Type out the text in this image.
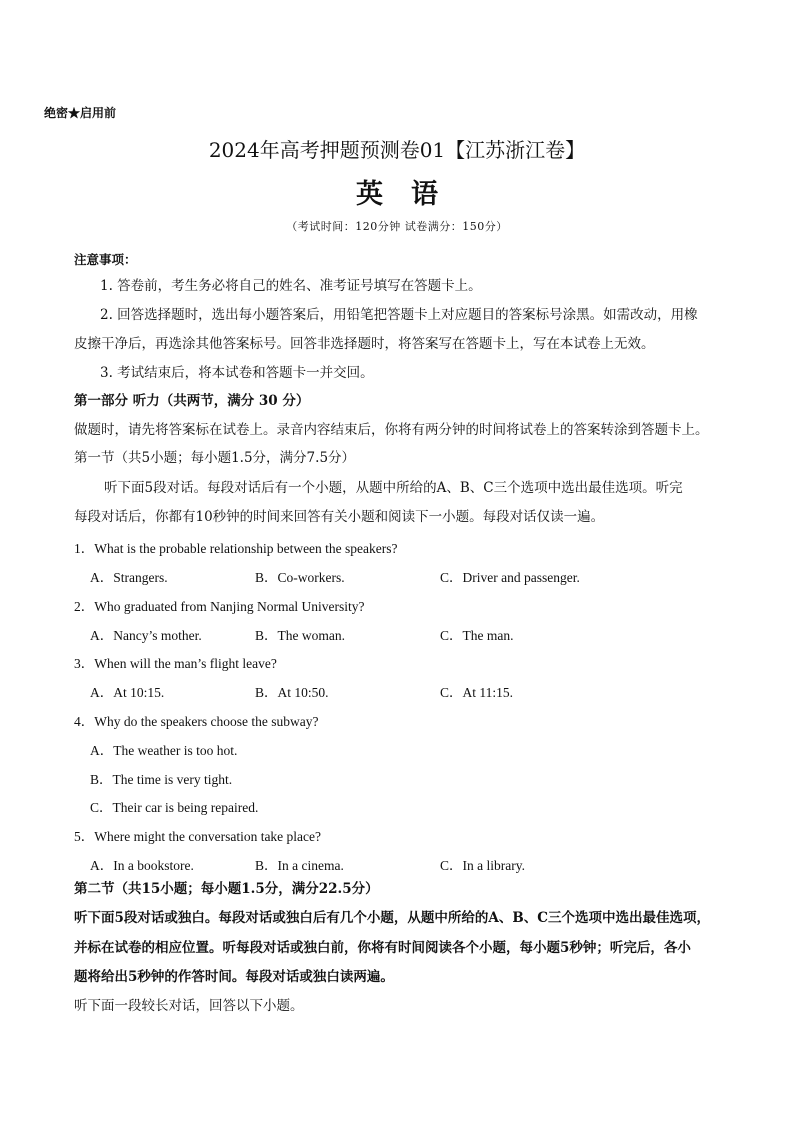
绝密★启用前
2024年高考押题预测卷01【江苏浙江卷】
英语
（考试时间：120分钟 试卷满分：150分）
注意事项：
1. 答卷前，考生务必将自己的姓名、准考证号填写在答题卡上。
2. 回答选择题时，选出每小题答案后，用铅笔把答题卡上对应题目的答案标号涂黑。如需改动，用橡
皮擦干净后，再选涂其他答案标号。回答非选择题时，将答案写在答题卡上，写在本试卷上无效。
3. 考试结束后，将本试卷和答题卡一并交回。
第一部分 听力（共两节，满分 30 分）
做题时，请先将答案标在试卷上。录音内容结束后，你将有两分钟的时间将试卷上的答案转涂到答题卡上。
第一节（共5小题；每小题1.5分，满分7.5分）
听下面5段对话。每段对话后有一个小题，从题中所给的A、B、C三个选项中选出最佳选项。听完
每段对话后，你都有10秒钟的时间来回答有关小题和阅读下一小题。每段对话仅读一遍。
1．What is the probable relationship between the speakers?
A．Strangers.	B．Co-workers.	C．Driver and passenger.
2．Who graduated from Nanjing Normal University?
A．Nancy’s mother.	B．The woman.	C．The man.
3．When will the man’s flight leave?
A．At 10:15.	B．At 10:50.	C．At 11:15.
4．Why do the speakers choose the subway?
A．The weather is too hot.
B．The time is very tight.
C．Their car is being repaired.
5．Where might the conversation take place?
A．In a bookstore.	B．In a cinema.	C．In a library.
第二节（共15小题；每小题1.5分，满分22.5分）
听下面5段对话或独白。每段对话或独白后有几个小题，从题中所给的A、B、C三个选项中选出最佳选项，
并标在试卷的相应位置。听每段对话或独白前，你将有时间阅读各个小题，每小题5秒钟；听完后，各小
题将给出5秒钟的作答时间。每段对话或独白读两遍。
听下面一段较长对话，回答以下小题。
